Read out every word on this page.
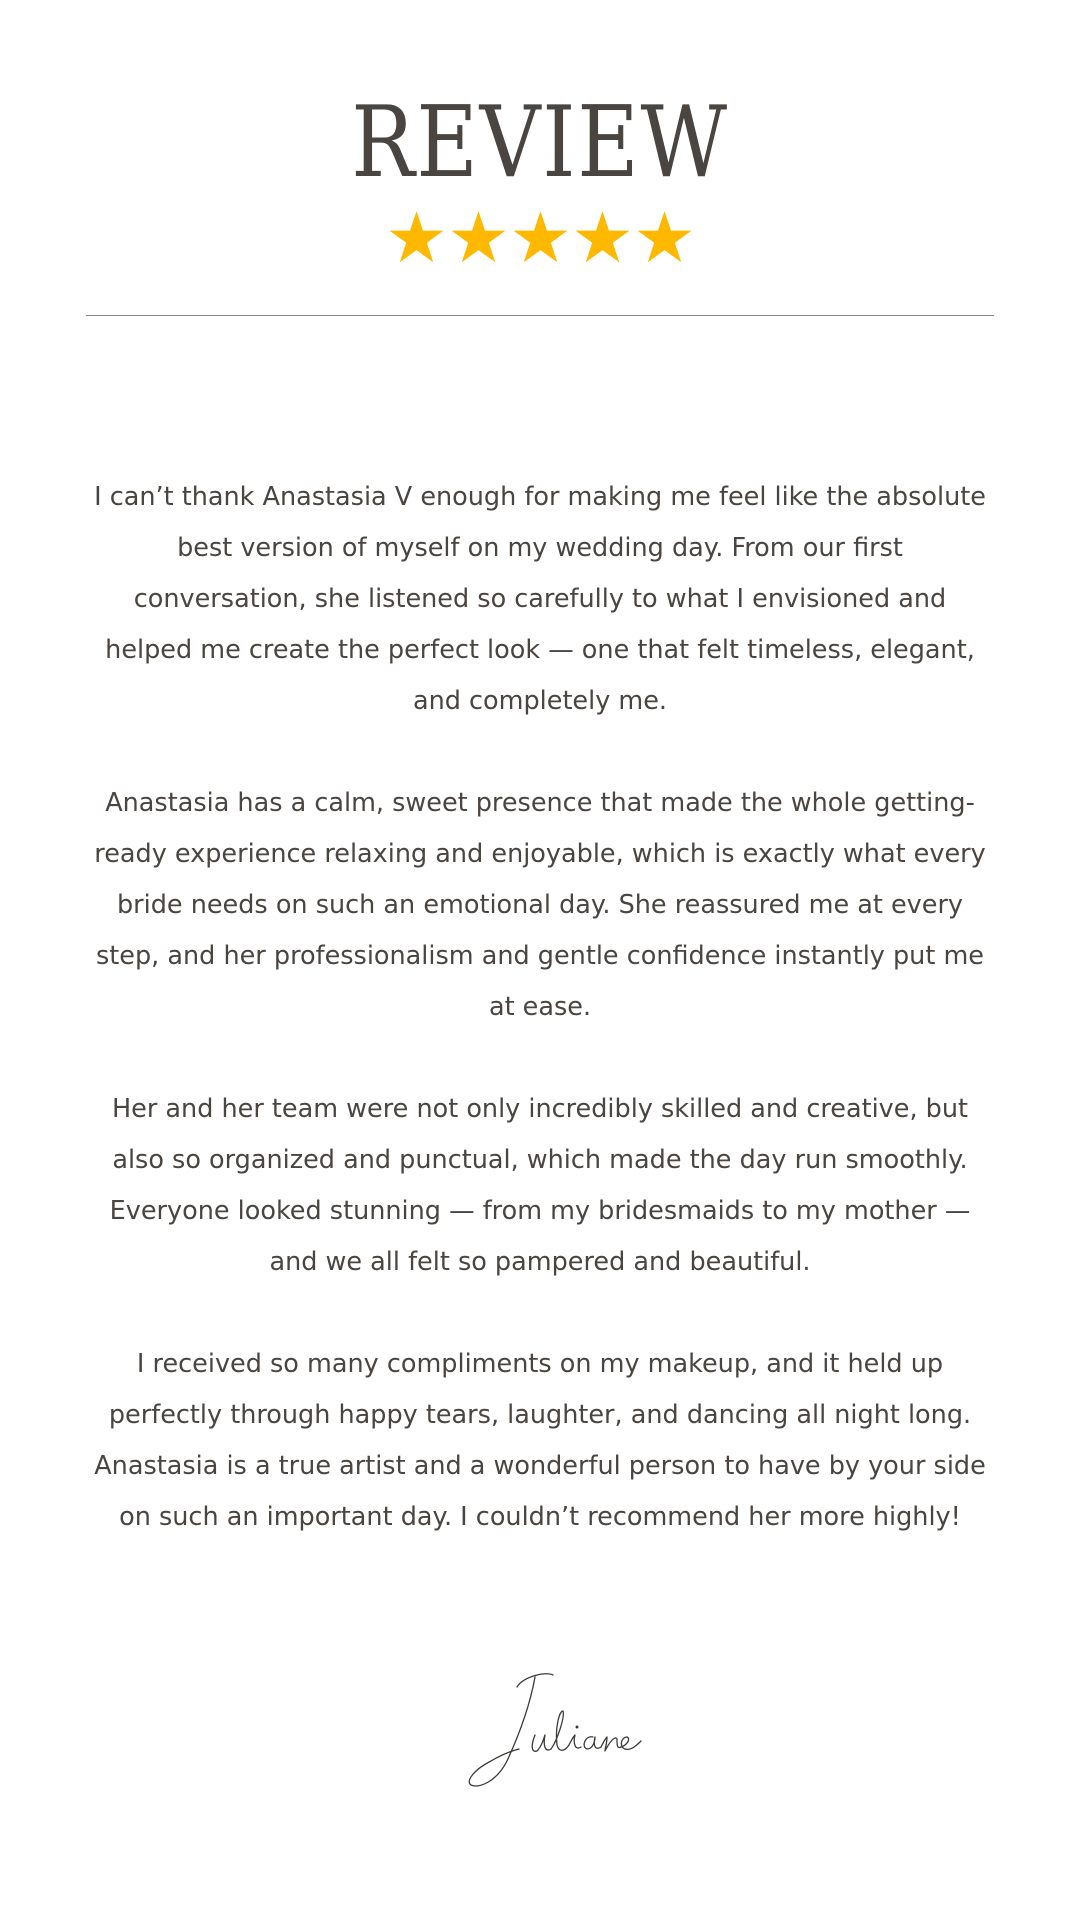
REVIEW

I can’t thank Anastasia V enough for making me feel like the absolute best version of myself on my wedding day. From our first conversation, she listened so carefully to what I envisioned and helped me create the perfect look — one that felt timeless, elegant, and completely me.

Anastasia has a calm, sweet presence that made the whole getting-ready experience relaxing and enjoyable, which is exactly what every bride needs on such an emotional day. She reassured me at every step, and her professionalism and gentle confidence instantly put me at ease.

Her and her team were not only incredibly skilled and creative, but also so organized and punctual, which made the day run smoothly. Everyone looked stunning — from my bridesmaids to my mother — and we all felt so pampered and beautiful.

I received so many compliments on my makeup, and it held up perfectly through happy tears, laughter, and dancing all night long. Anastasia is a true artist and a wonderful person to have by your side on such an important day. I couldn’t recommend her more highly!
